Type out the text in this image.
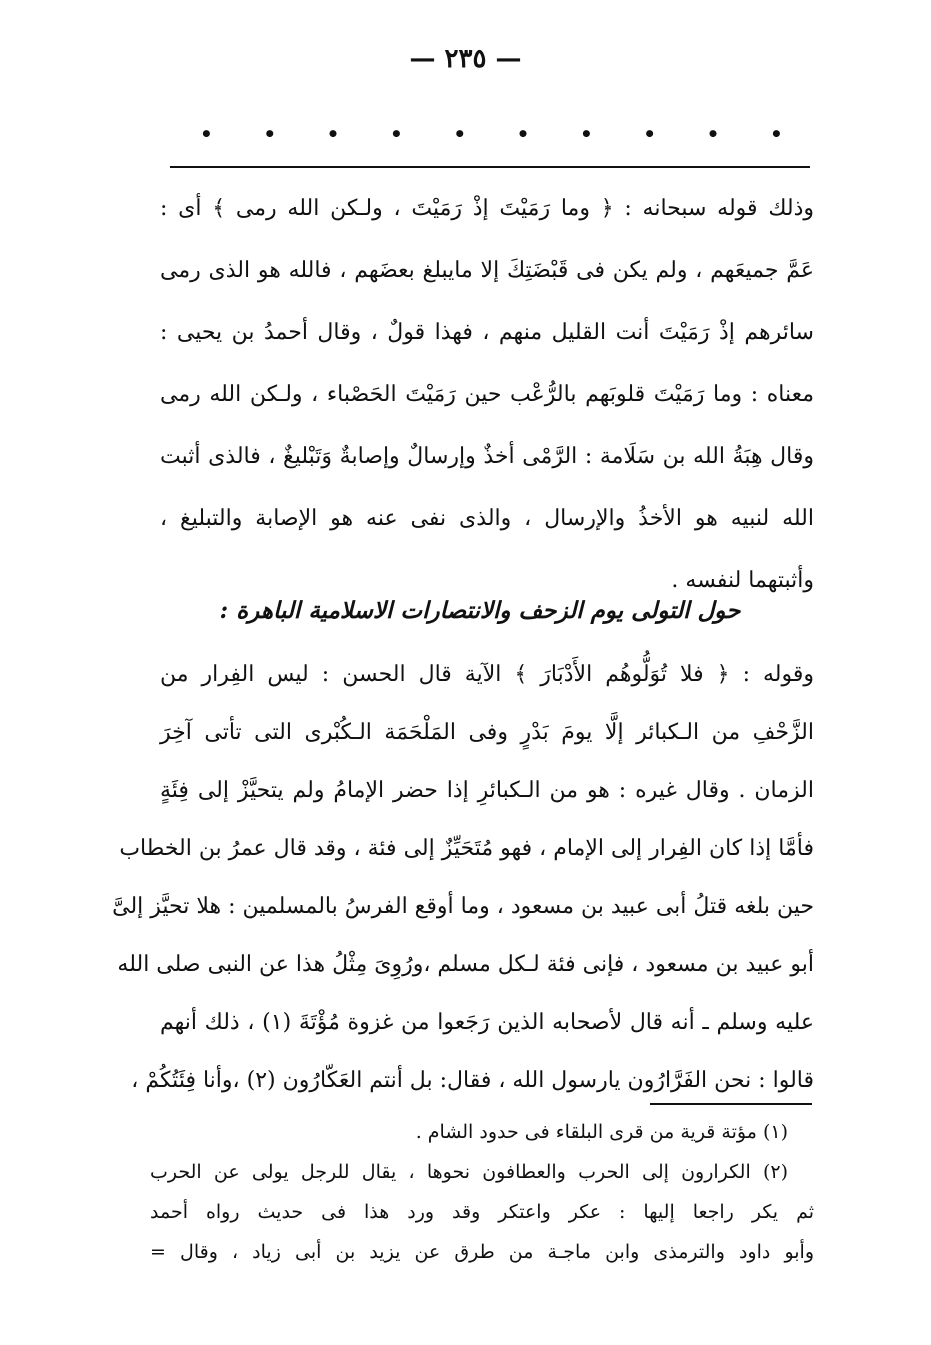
— ٢٣٥ —
•	•	•	•	•	•	•	•	•	•
وذلك قوله سبحانه : ﴿ وما رَمَيْتَ إذْ رَمَيْتَ ، ولـكن الله رمى ﴾ أى :
عَمَّ جميعَهم ، ولم يكن فى قَبْضَتِكَ إلا مايبلغ بعضَهم ، فالله هو الذى رمى
سائرهم إذْ رَمَيْتَ أنت القليل منهم ، فهذا قولٌ ، وقال أحمدُ بن يحيى :
معناه : وما رَمَيْتَ قلوبَهم بالرُّعْب حين رَمَيْتَ الحَصْباء ، ولـكن الله رمى
وقال هِبَةُ الله بن سَلَامة : الرَّمْى أخذٌ وإرسالٌ وإصابةٌ وَتَبْليغٌ ، فالذى أثبت
الله لنبيه هو الأخذُ والإرسال ، والذى نفى عنه هو الإصابة والتبليغ ،
وأثبتهما لنفسه .
حول التولى يوم الزحف والانتصارات الاسلامية الباهرة :
وقوله : ﴿ فلا تُوَلُّوهُم الأَدْبَارَ ﴾ الآية قال الحسن : ليس الفِرار من
الزَّحْفِ من الـكبائر إلَّا يومَ بَدْرٍ وفى المَلْحَمَة الـكُبْرى التى تأتى آخِرَ
الزمان . وقال غيره : هو من الـكبائرِ إذا حضر الإمامُ ولم يتحيَّزْ إلى فِئَةٍ
فأمَّا إذا كان الفِرار إلى الإمام ، فهو مُتَحَيِّزٌ إلى فئة ، وقد قال عمرُ بن الخطاب
حين بلغه قتلُ أبى عبيد بن مسعود ، وما أوقع الفرسُ بالمسلمين : هلا تحيَّز إلىَّ
أبو عبيد بن مسعود ، فإنى فئة لـكل مسلم ،ورُوِىَ مِثْلُ هذا عن النبى صلى الله
عليه وسلم ـ أنه قال لأصحابه الذين رَجَعوا من غزوة مُؤْتَةَ (١) ، ذلك أنهم
قالوا : نحن الفَرَّارُون يارسول الله ، فقال: بل أنتم العَكّارُون (٢) ،وأنا فِئَتُكُمْ ،
(١) مؤتة قرية من قرى البلقاء فى حدود الشام .
(٢) الكرارون إلى الحرب والعطافون نحوها ، يقال للرجل يولى عن الحرب
ثم يكر راجعا إليها : عكر واعتكر وقد ورد هذا فى حديث رواه أحمد
وأبو داود والترمذى وابن ماجـة من طرق عن يزيد بن أبى زياد ، وقال =
